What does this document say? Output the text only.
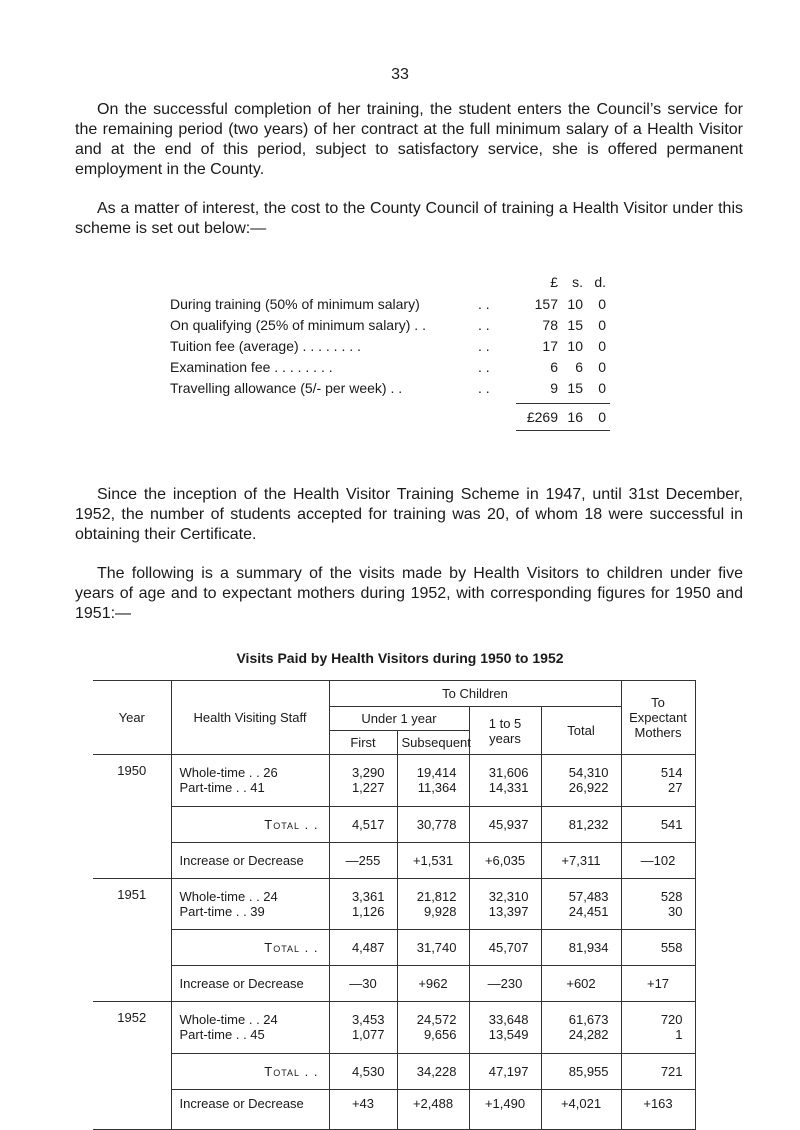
33

On the successful completion of her training, the student enters the Council’s service for the remaining period (two years) of her contract at the full minimum salary of a Health Visitor and at the end of this period, subject to satisfactory service, she is offered permanent employment in the County.

As a matter of interest, the cost to the County Council of training a Health Visitor under this scheme is set out below:—

£	s. d.
During training (50% of minimum salary)	. .	157 10	0
On qualifying (25% of minimum salary) . .	. .	78 15	0
Tuition fee (average) . . . . . . . .	. .	17 10	0
Examination fee . . . . . . . .	. .	6	6	0
Travelling allowance (5/- per week) . .	. .	9 15	0
£269 16	0

Since the inception of the Health Visitor Training Scheme in 1947, until 31st December, 1952, the number of students accepted for training was 20, of whom 18 were successful in obtaining their Certificate.

The following is a summary of the visits made by Health Visitors to children under five years of age and to expectant mothers during 1952, with corresponding figures for 1950 and 1951:—

Visits Paid by Health Visitors during 1950 to 1952
Year	Health Visiting Staff	To Children				To Expectant Mothers
		Under 1 year		1 to 5 years	Total	
		First	Subsequent			
1950	Whole-time . . 26	3,290	19,414	31,606	54,310	514
	Part-time . . 41	1,227	11,364	14,331	26,922	27
	Total . .	4,517	30,778	45,937	81,232	541
	Increase or Decrease	—255	+1,531	+6,035	+7,311	—102
1951	Whole-time . . 24	3,361	21,812	32,310	57,483	528
	Part-time . . 39	1,126	9,928	13,397	24,451	30
	Total . .	4,487	31,740	45,707	81,934	558
	Increase or Decrease	—30	+962	—230	+602	+17
1952	Whole-time . . 24	3,453	24,572	33,648	61,673	720
	Part-time . . 45	1,077	9,656	13,549	24,282	1
	Total . .	4,530	34,228	47,197	85,955	721
	Increase or Decrease	+43	+2,488	+1,490	+4,021	+163
